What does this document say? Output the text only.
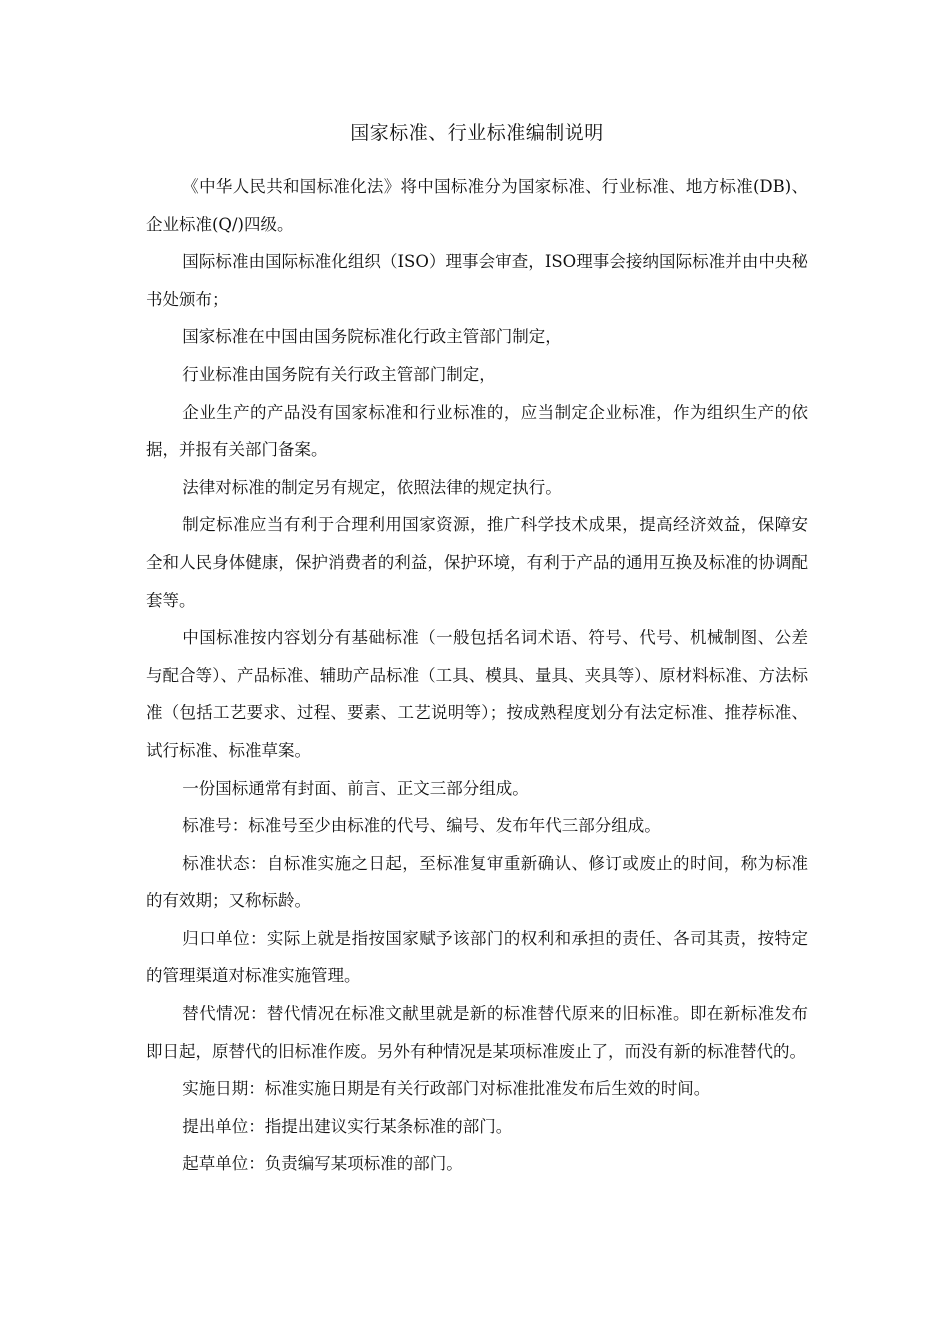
国家标准、行业标准编制说明

《中华人民共和国标准化法》将中国标准分为国家标准、行业标准、地方标准(DB)、企业标准(Q/)四级。

国际标准由国际标准化组织（ISO）理事会审查，ISO理事会接纳国际标准并由中央秘书处颁布；

国家标准在中国由国务院标准化行政主管部门制定，

行业标准由国务院有关行政主管部门制定，

企业生产的产品没有国家标准和行业标准的，应当制定企业标准，作为组织生产的依据，并报有关部门备案。

法律对标准的制定另有规定，依照法律的规定执行。

制定标准应当有利于合理利用国家资源，推广科学技术成果，提高经济效益，保障安全和人民身体健康，保护消费者的利益，保护环境，有利于产品的通用互换及标准的协调配套等。

中国标准按内容划分有基础标准（一般包括名词术语、符号、代号、机械制图、公差与配合等）、产品标准、辅助产品标准（工具、模具、量具、夹具等）、原材料标准、方法标准（包括工艺要求、过程、要素、工艺说明等）；按成熟程度划分有法定标准、推荐标准、试行标准、标准草案。

一份国标通常有封面、前言、正文三部分组成。

标准号：标准号至少由标准的代号、编号、发布年代三部分组成。

标准状态：自标准实施之日起，至标准复审重新确认、修订或废止的时间，称为标准的有效期；又称标龄。

归口单位：实际上就是指按国家赋予该部门的权利和承担的责任、各司其责，按特定的管理渠道对标准实施管理。

替代情况：替代情况在标准文献里就是新的标准替代原来的旧标准。即在新标准发布即日起，原替代的旧标准作废。另外有种情况是某项标准废止了，而没有新的标准替代的。

实施日期：标准实施日期是有关行政部门对标准批准发布后生效的时间。

提出单位：指提出建议实行某条标准的部门。

起草单位：负责编写某项标准的部门。
